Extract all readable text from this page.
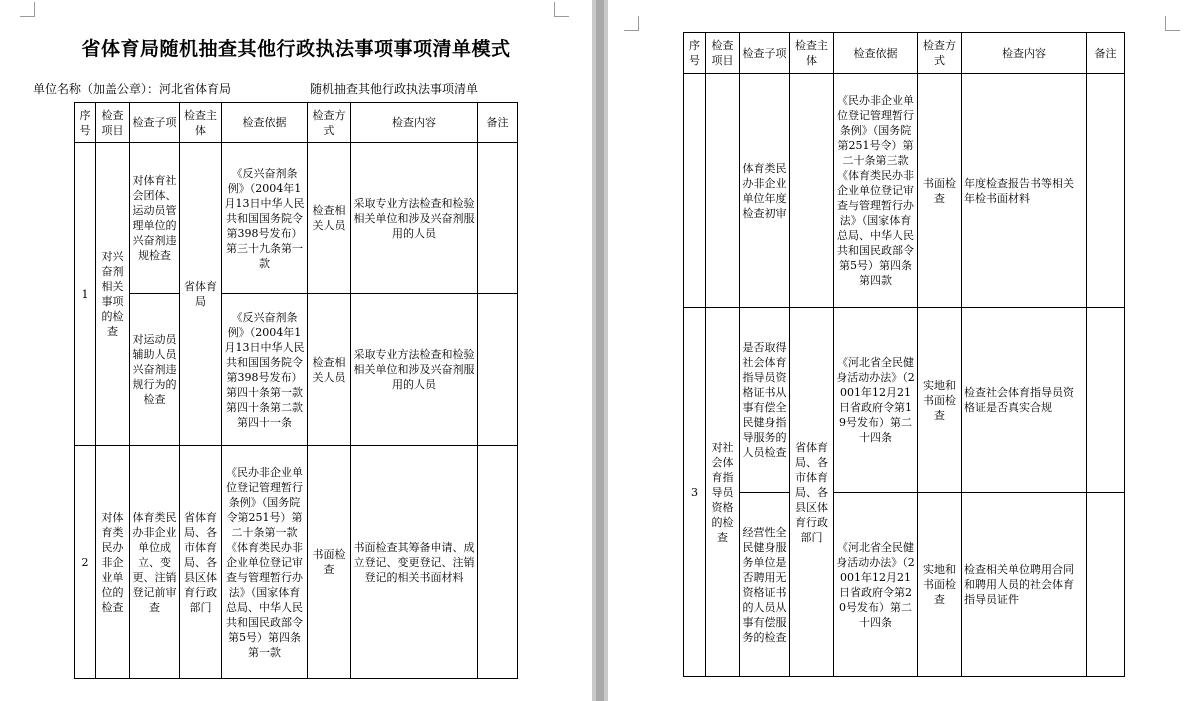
省体育局随机抽查其他行政执法事项事项清单模式
单位名称（加盖公章）：河北省体育局	随机抽查其他行政执法事项清单
序号	检查项目	检查子项	检查主体	检查依据	检查方式	检查内容	备注
1	对兴奋剂相关事项的检查	对体育社会团体、运动员管理单位的兴奋剂违规检查	省体育局	《反兴奋剂条例》（2004年1月13日中华人民共和国国务院令第398号发布）第三十九条第一款	检查相关人员	采取专业方法检查和检验相关单位和涉及兴奋剂服用的人员	
		对运动员辅助人员兴奋剂违规行为的检查		《反兴奋剂条例》（2004年1月13日中华人民共和国国务院令第398号发布）第四十条第一款　第四十条第二款第四十一条	检查相关人员	采取专业方法检查和检验相关单位和涉及兴奋剂服用的人员	
2	对体育类民办非企业单位的检查	体育类民办非企业单位成立、变更、注销登记前审查	省体育局、各市体育局、各县区体育行政部门	《民办非企业单位登记管理暂行条例》（国务院令第251号）第二十条第一款《体育类民办非企业单位登记审查与管理暂行办法》（国家体育总局、中华人民共和国民政部令第5号）第四条第一款	书面检查	书面检查其筹备申请、成立登记、变更登记、注销登记的相关书面材料	
序号	检查项目	检查子项	检查主体	检查依据	检查方式	检查内容	备注
		体育类民办非企业单位年度检查初审		《民办非企业单位登记管理暂行条例》（国务院第251号令）第二十条第三款《体育类民办非企业单位登记审查与管理暂行办法》（国家体育总局、中华人民共和国民政部令第5号）第四条第四款	书面检查	年度检查报告书等相关年检书面材料	
3	对社会体育指导员资格的检查	是否取得社会体育指导员资格证书从事有偿全民健身指导服务的人员检查	省体育局、各市体育局、各县区体育行政部门	《河北省全民健身活动办法》（2001年12月21日省政府令第19号发布）第二十四条	实地和书面检查	检查社会体育指导员资格证是否真实合规	
		经营性全民健身服务单位是否聘用无资格证书的人员从事有偿服务的检查		《河北省全民健身活动办法》（2001年12月21日省政府令第20号发布）第二十四条	实地和书面检查	检查相关单位聘用合同和聘用人员的社会体育指导员证件	
